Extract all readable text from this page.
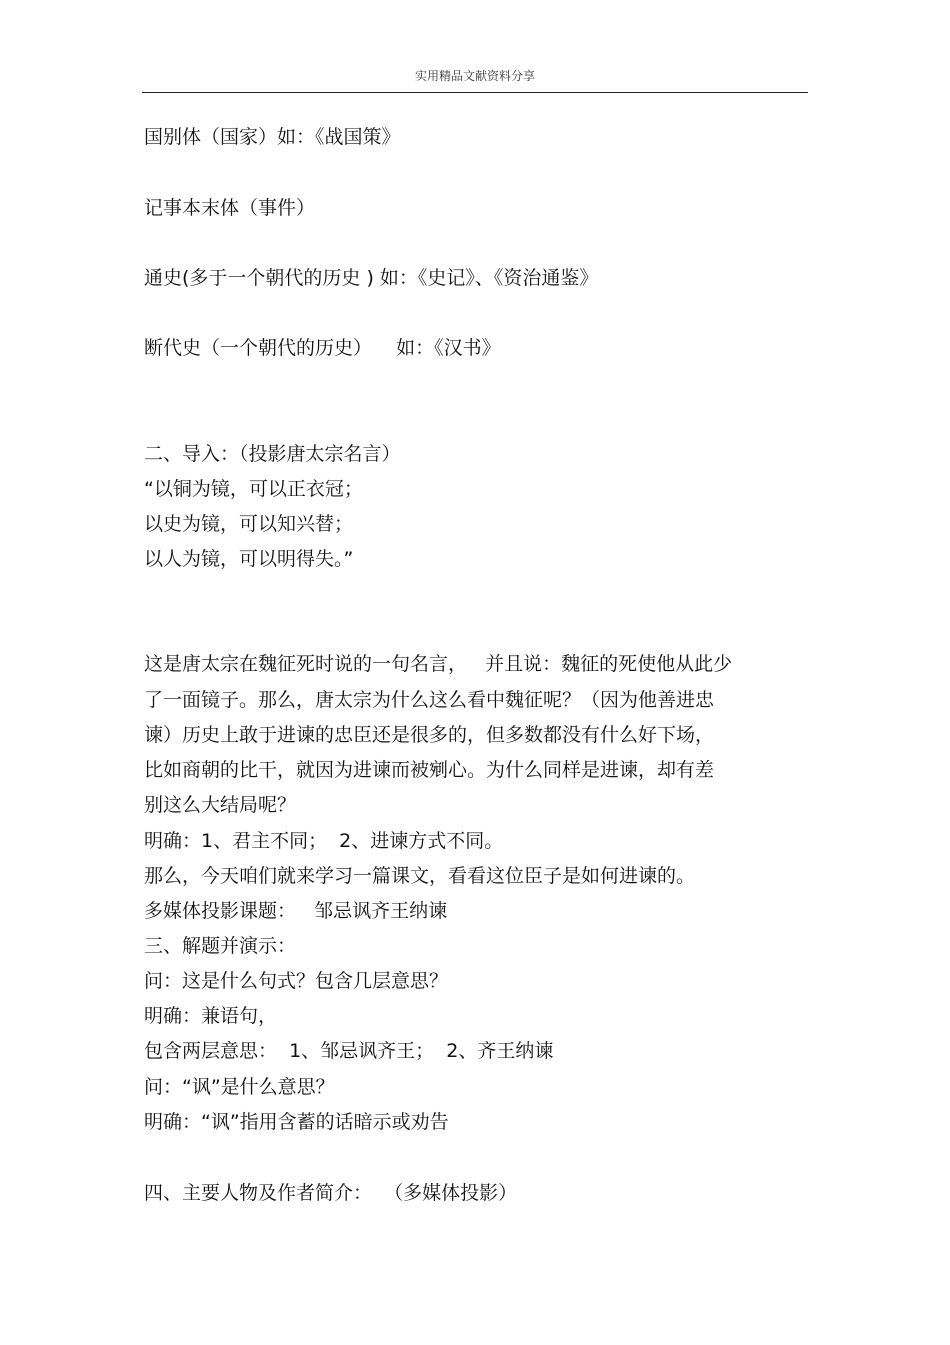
实用精品文献资料分享
国别体（国家）如：《战国策》
记事本末体（事件）
通史(多于一个朝代的历史 ) 如：《史记》、《资治通鉴》
断代史（一个朝代的历史）    如：《汉书》
二、导入：（投影唐太宗名言）
“以铜为镜，可以正衣冠；
以史为镜，可以知兴替；
以人为镜，可以明得失。”
这是唐太宗在魏征死时说的一句名言，   并且说：魏征的死使他从此少
了一面镜子。那么，唐太宗为什么这么看中魏征呢？（因为他善进忠
谏）历史上敢于进谏的忠臣还是很多的，但多数都没有什么好下场，
比如商朝的比干，就因为进谏而被剜心。为什么同样是进谏，却有差
别这么大结局呢？
明确：1、君主不同；  2、进谏方式不同。
那么，今天咱们就来学习一篇课文，看看这位臣子是如何进谏的。
多媒体投影课题：   邹忌讽齐王纳谏
三、解题并演示：
问：这是什么句式？包含几层意思？
明确：兼语句，
包含两层意思：  1、邹忌讽齐王；  2、齐王纳谏
问：“讽”是什么意思？
明确：“讽”指用含蓄的话暗示或劝告
四、主要人物及作者简介：  （多媒体投影）
